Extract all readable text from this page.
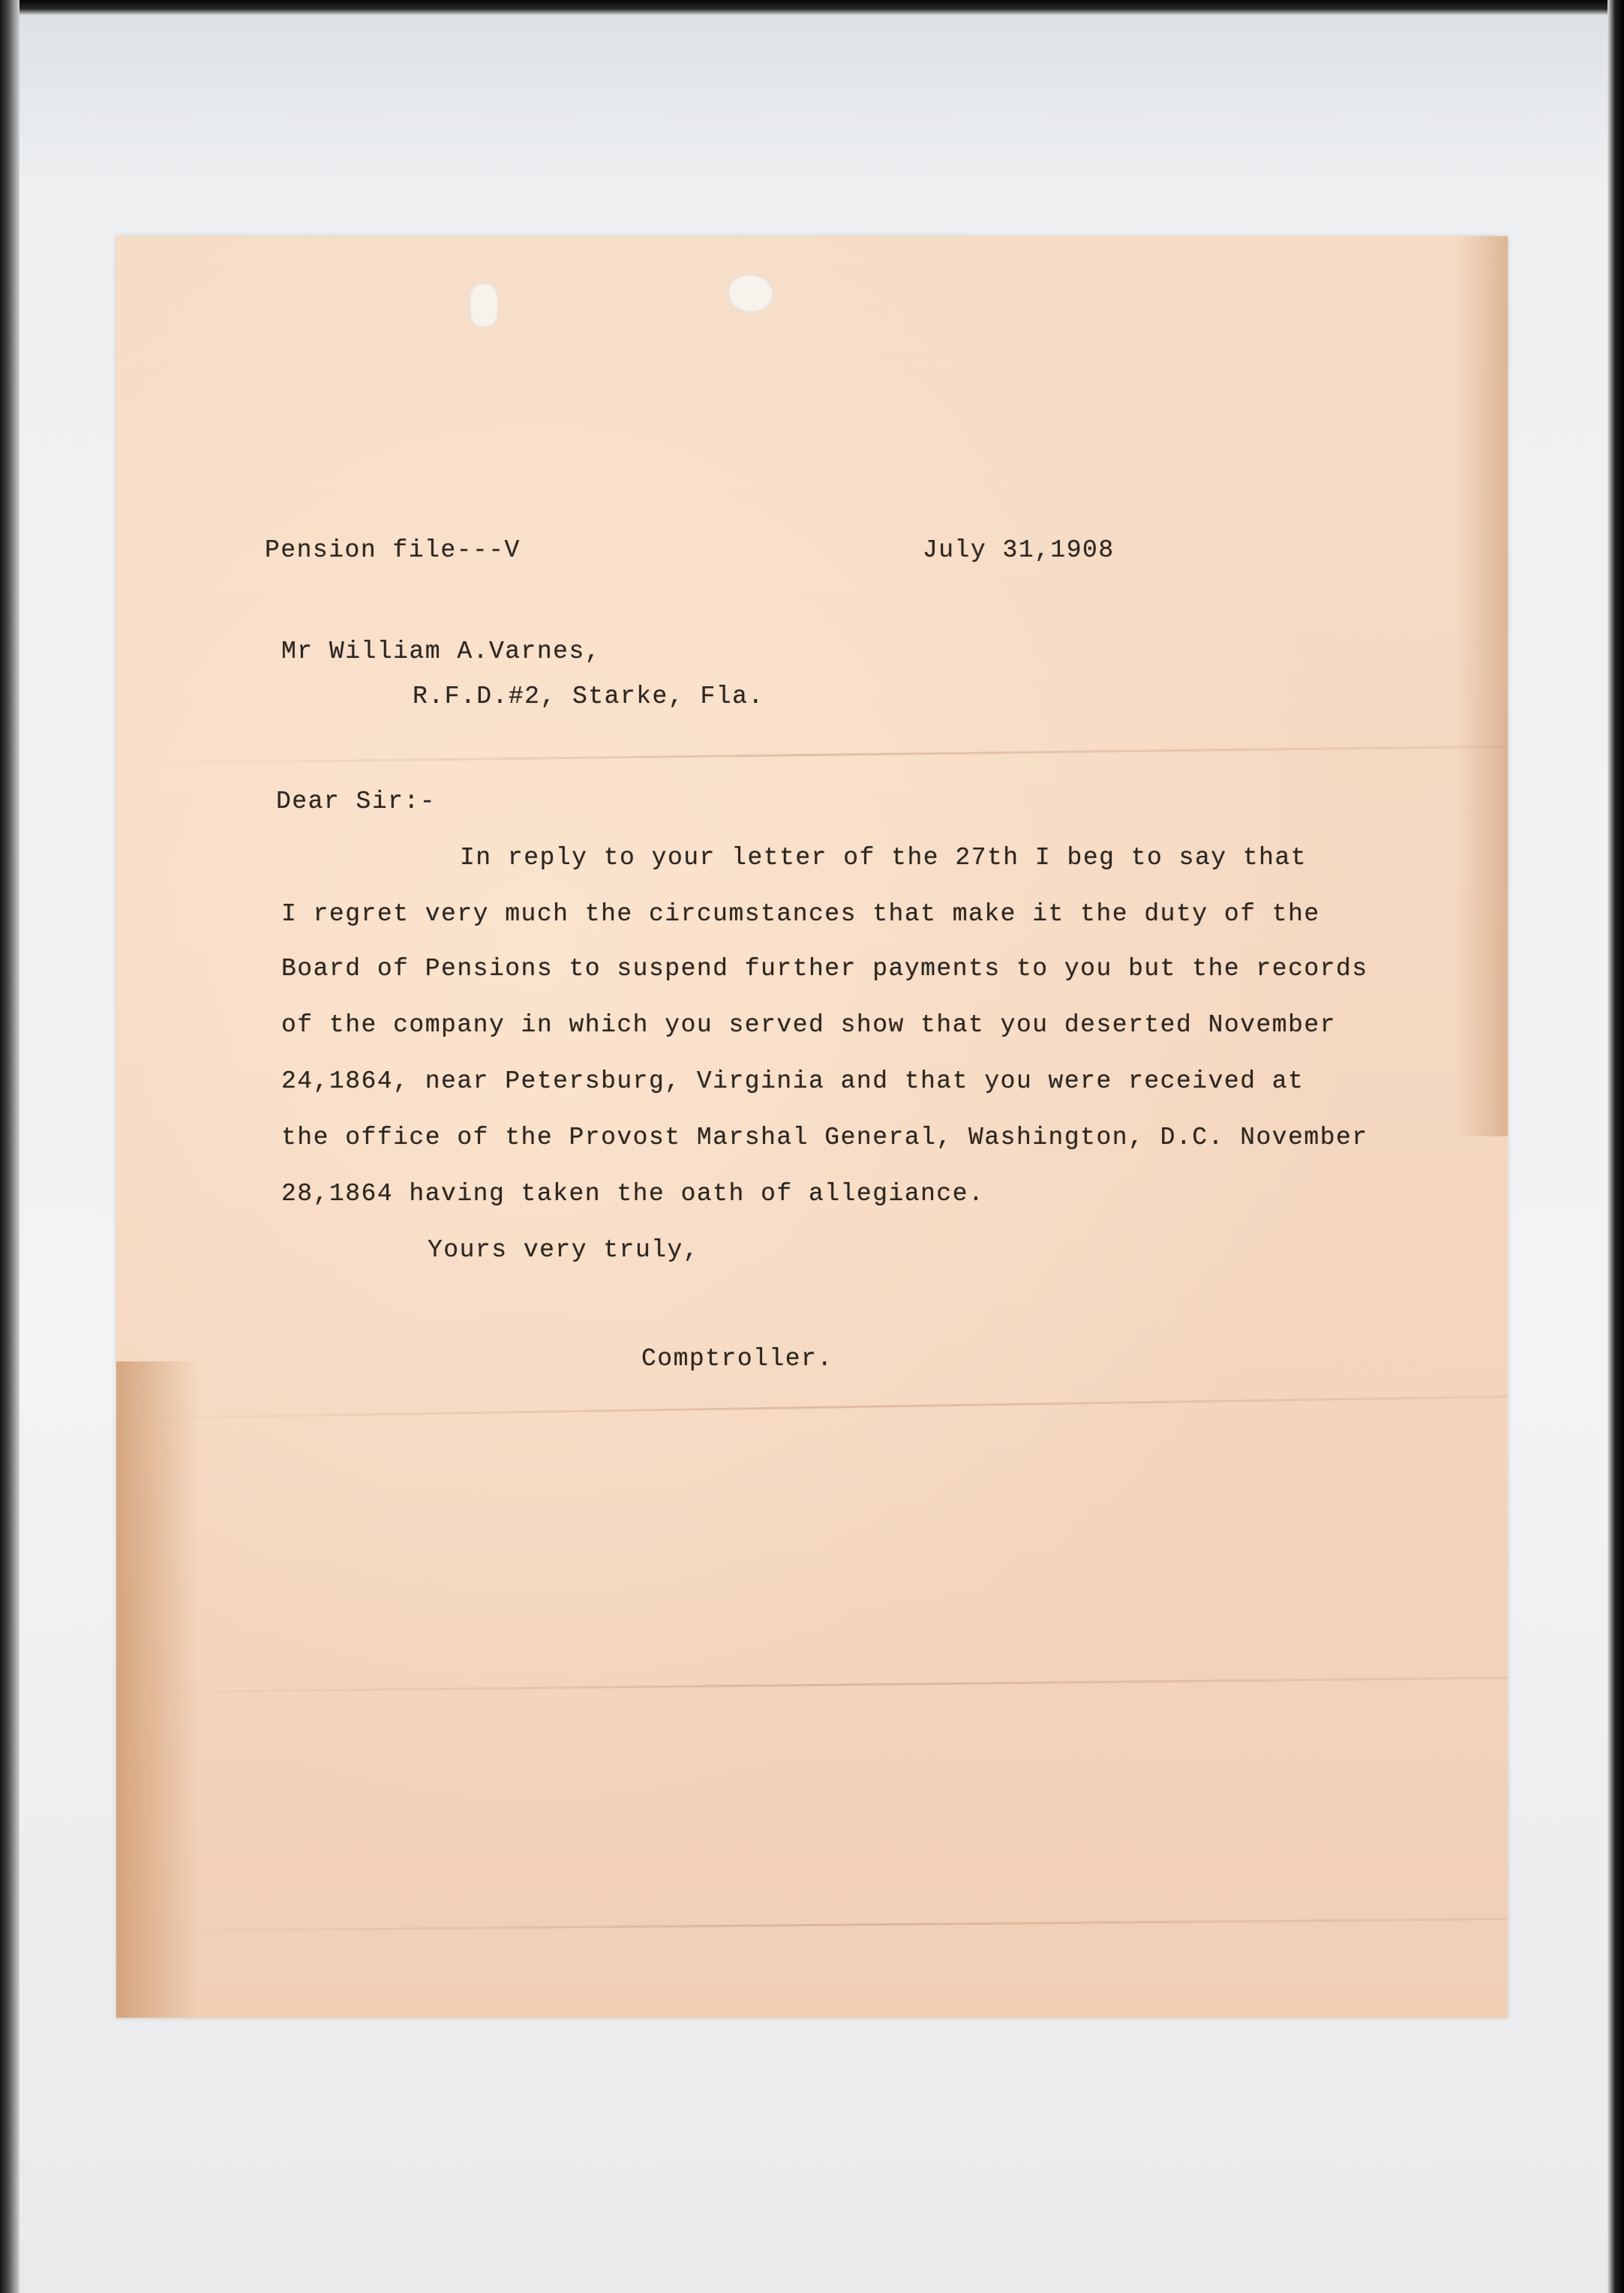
Pension file---V	July 31,1908
Mr William A.Varnes,
R.F.D.#2, Starke, Fla.
Dear Sir:-
In reply to your letter of the 27th I beg to say that
I regret very much the circumstances that make it the duty of the
Board of Pensions to suspend further payments to you but the records
of the company in which you served show that you deserted November
24,1864, near Petersburg, Virginia and that you were received at
the office of the Provost Marshal General, Washington, D.C. November
28,1864 having taken the oath of allegiance.
Yours very truly,
Comptroller.
